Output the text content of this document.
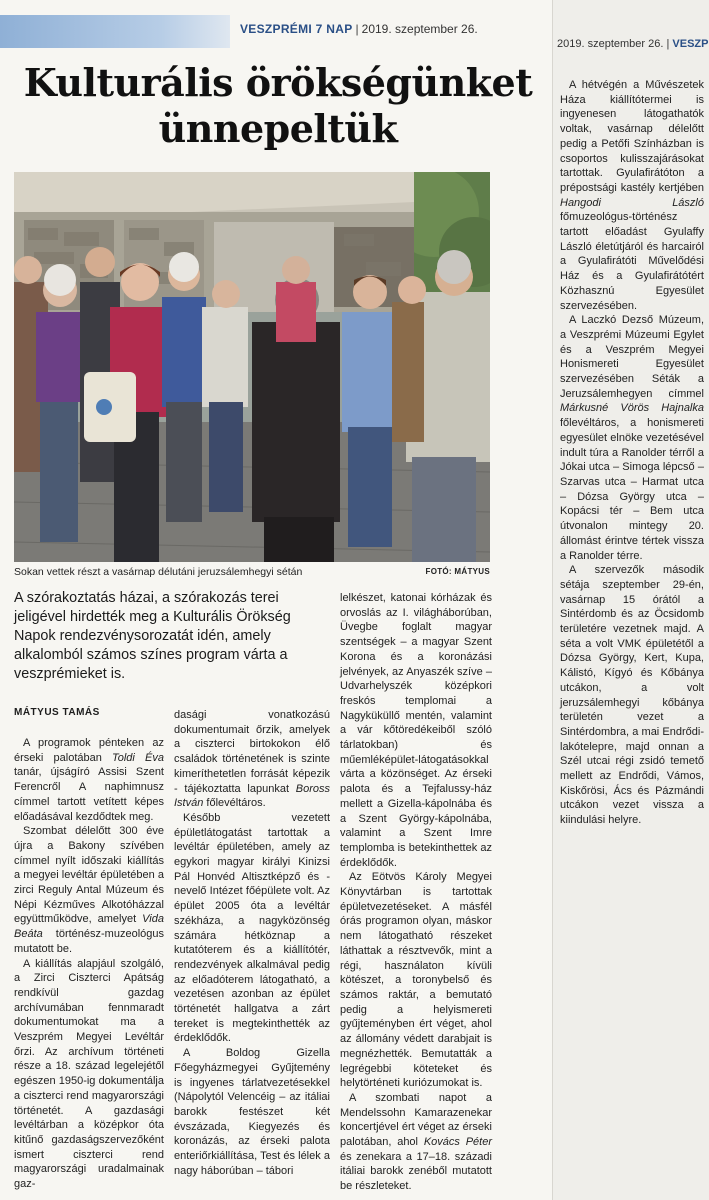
VESZPRÉMI 7 NAP | 2019. szeptember 26.
2019. szeptember 26. | VESZP
Kulturális örökségünket
ünnepeltük
Sokan vettek részt a vasárnap délutáni jeruzsálemhegyi sétán	FOTÓ: MÁTYUS
A szórakoztatás házai, a szórakozás terei jeligével hirdették meg a Kulturális Örökség Napok rendezvénysorozatát idén, amely alkalomból számos színes program várta a veszprémieket is.
MÁTYUS TAMÁS

A programok pénteken az érseki palotában Toldi Éva tanár, újságíró Assisi Szent Ferencről A naphimnusz címmel tartott vetített képes előadásával kezdődtek meg.

Szombat délelőtt 300 éve újra a Bakony szívében címmel nyílt időszaki kiállítás a megyei levéltár épületében a zirci Reguly Antal Múzeum és Népi Kézműves Alkotóházzal együttműködve, amelyet Vida Beáta történész-muzeológus mutatott be.

A kiállítás alapjául szolgáló, a Zirci Ciszterci Apátság rendkívül gazdag archívumában fennmaradt dokumentumokat ma a Veszprém Megyei Levéltár őrzi. Az archívum történeti része a 18. század legelejétől egészen 1950-ig dokumentálja a ciszterci rend magyarországi történetét. A gazdasági levéltárban a középkor óta kitűnő gazdaságszervezőként ismert ciszterci rend magyarországi uradalmainak gaz-

dasági vonatkozású dokumentumait őrzik, amelyek a ciszterci birtokokon élő családok történetének is szinte kimeríthetetlen forrását képezik - tájékoztatta lapunkat Boross István főlevéltáros.

Később vezetett épületlátogatást tartottak a levéltár épületében, amely az egykori magyar királyi Kinizsi Pál Honvéd Altisztképző és -nevelő Intézet főépülete volt. Az épület 2005 óta a levéltár székháza, a nagyközönség számára hétköznap a kutatóterem és a kiállítótér, rendezvények alkalmával pedig az előadóterem látogatható, a vezetésen azonban az épület történetét hallgatva a zárt tereket is megtekinthették az érdeklődők.

A Boldog Gizella Főegyházmegyei Gyűjtemény is ingyenes tárlatvezetésekkel (Nápolytól Velencéig – az itáliai barokk festészet két évszázada, Kiegyezés és koronázás, az érseki palota enteriőrkiállítása, Test és lélek a nagy háborúban – tábori

lelkészet, katonai kórházak és orvoslás az I. világháborúban, Üvegbe foglalt magyar szentségek – a magyar Szent Korona és a koronázási jelvények, az Anyaszék szíve – Udvarhelyszék középkori freskós templomai a Nagyküküllő mentén, valamint a vár kőtöredékeiből szóló tárlatokban) és műemléképület-látogatásokkal várta a közönséget. Az érseki palota és a Tejfalussy-ház mellett a Gizella-kápolnába és a Szent György-kápolnába, valamint a Szent Imre templomba is betekinthettek az érdeklődők.

Az Eötvös Károly Megyei Könyvtárban is tartottak épületvezetéseket. A másfél órás programon olyan, máskor nem látogatható részeket láthattak a résztvevők, mint a régi, használaton kívüli kötészet, a toronybelső és számos raktár, a bemutató pedig a helyismereti gyűjteményben ért véget, ahol az állomány védett darabjait is megnézhették. Bemutatták a legrégebbi köteteket és helytörténeti kuriózumokat is.

A szombati napot a Mendelssohn Kamarazenekar koncertjével ért véget az érseki palotában, ahol Kovács Péter és zenekara a 17–18. századi itáliai barokk zenéből mutatott be részleteket.

A hétvégén a Művészetek Háza kiállítótermei is ingyenesen látogathatók voltak, vasárnap délelőtt pedig a Petőfi Színházban is csoportos kulisszajárásokat tartottak. Gyulafirátóton a prépostsági kastély kertjében Hangodi László főmuzeológus-történész tartott előadást Gyulaffy László életútjáról és harcairól a Gyulafirátóti Művelődési Ház és a Gyulafirátótért Közhasznú Egyesület szervezésében.

A Laczkó Dezső Múzeum, a Veszprémi Múzeumi Egylet és a Veszprém Megyei Honismereti Egyesület szervezésében Séták a Jeruzsálemhegyen címmel Márkusné Vörös Hajnalka főlevéltáros, a honismereti egyesület elnöke vezetésével indult túra a Ranolder térről a Jókai utca – Simoga lépcső – Szarvas utca – Harmat utca – Dózsa György utca – Kopácsi tér – Bem utca útvonalon mintegy 20. állomást érintve tértek vissza a Ranolder térre.

A szervezők második sétája szeptember 29-én, vasárnap 15 órától a Sintérdomb és az Öcsidomb területére vezetnek majd. A séta a volt VMK épületétől a Dózsa György, Kert, Kupa, Kálistó, Kígyó és Kőbánya utcákon, a volt jeruzsálemhegyi kőbánya területén vezet a Sintérdombra, a mai Endrődi-lakótelepre, majd onnan a Szél utcai régi zsidó temető mellett az Endrődi, Vámos, Kiskőrösi, Ács és Pázmándi utcákon vezet vissza a kiindulási helyre.
